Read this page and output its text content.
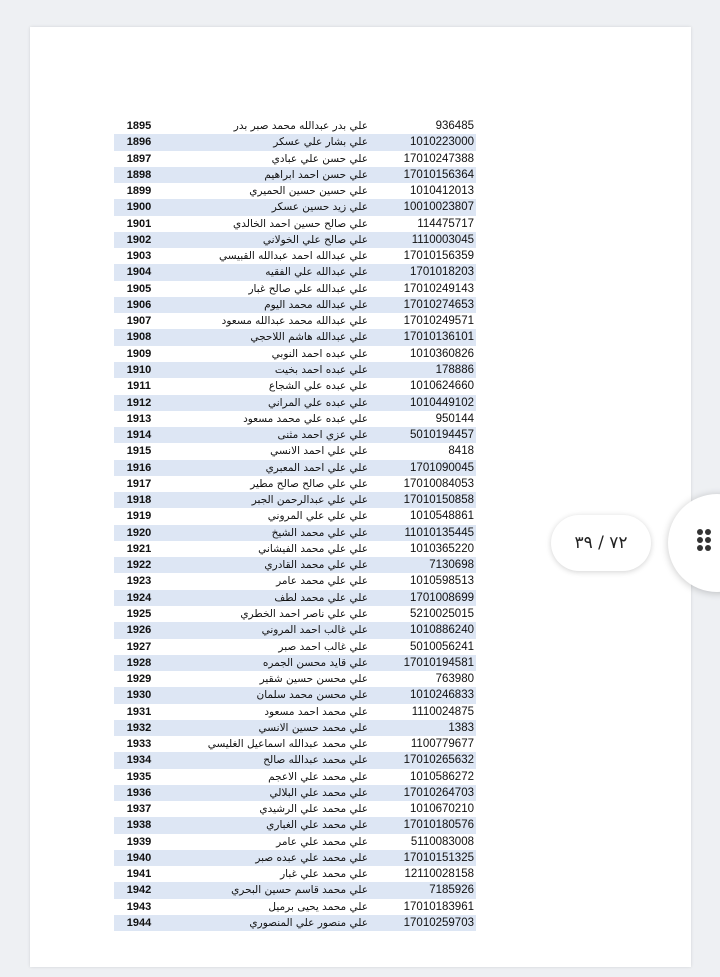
1895	علي بدر عبدالله محمد صبر بدر	936485
1896	علي بشار علي عسكر	1010223000
1897	علي حسن علي عبادي	17010247388
1898	علي حسن احمد ابراهيم	17010156364
1899	علي حسين حسين الحميري	1010412013
1900	علي زيد حسين عسكر	10010023807
1901	علي صالح حسين احمد الخالدي	114475717
1902	علي صالح علي الخولاني	1110003045
1903	علي عبدالله احمد عبدالله القبيسي	17010156359
1904	علي عبدالله علي الفقيه	1701018203
1905	علي عبدالله علي صالح غبار	17010249143
1906	علي عبدالله محمد اليوم	17010274653
1907	علي عبدالله محمد عبدالله مسعود	17010249571
1908	علي عبدالله هاشم اللاحجي	17010136101
1909	علي عبده احمد النوبي	1010360826
1910	علي عبده احمد بخيت	178886
1911	علي عبده علي الشجاع	1010624660
1912	علي عبده علي المراني	1010449102
1913	علي عبده علي محمد مسعود	950144
1914	علي عزي احمد مثنى	5010194457
1915	علي علي احمد الانسي	8418
1916	علي علي احمد المعبري	1701090045
1917	علي علي صالح صالح مطير	17010084053
1918	علي علي عبدالرحمن الجبر	17010150858
1919	علي علي علي المروني	1010548861
1920	علي علي محمد الشيخ	11010135445
1921	علي علي محمد الفيشاني	1010365220
1922	علي علي محمد القادري	7130698
1923	علي علي محمد عامر	1010598513
1924	علي علي محمد لطف	1701008699
1925	علي علي ناصر احمد الخطري	5210025015
1926	علي غالب احمد المروني	1010886240
1927	علي غالب احمد صبر	5010056241
1928	علي قايد محسن الجمره	17010194581
1929	علي محسن حسين شقير	763980
1930	علي محسن محمد سلمان	1010246833
1931	علي محمد احمد مسعود	1110024875
1932	علي محمد حسين الانسي	1383
1933	علي محمد عبدالله اسماعيل الغليسي	1100779677
1934	علي محمد عبدالله صالح	17010265632
1935	علي محمد علي الاعجم	1010586272
1936	علي محمد علي البلالي	17010264703
1937	علي محمد علي الرشيدي	1010670210
1938	علي محمد علي الغباري	17010180576
1939	علي محمد علي عامر	5110083008
1940	علي محمد علي عبده صبر	17010151325
1941	علي محمد علي غبار	12110028158
1942	علي محمد قاسم حسين البحري	7185926
1943	علي محمد يحيى برميل	17010183961
1944	علي منصور علي المنصوري	17010259703
٧٢ / ٣٩
